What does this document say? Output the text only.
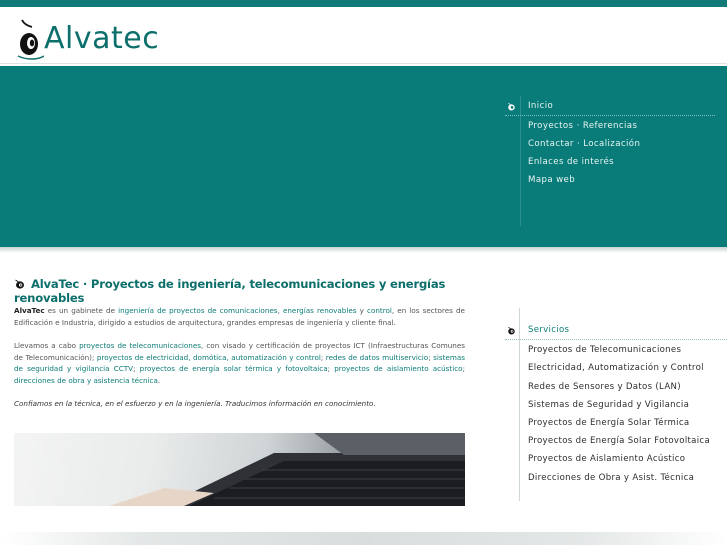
Alvatec
Inicio
Proyectos · Referencias
Contactar · Localización
Enlaces de interés
Mapa web
AlvaTec · Proyectos de ingeniería, telecomunicaciones y energías renovables

AlvaTec es un gabinete de ingeniería de proyectos de comunicaciones, energías renovables y control, en los sectores de Edificación e Industria, dirigido a estudios de arquitectura, grandes empresas de ingeniería y cliente final.

Llevamos a cabo proyectos de telecomunicaciones, con visado y certificación de proyectos ICT (Infraestructuras Comunes de Telecomunicación); proyectos de electricidad, domótica, automatización y control; redes de datos multiservicio; sistemas de seguridad y vigilancia CCTV; proyectos de energía solar térmica y fotovoltaica; proyectos de aislamiento acústico; direcciones de obra y asistencia técnica.

Confiamos en la técnica, en el esfuerzo y en la ingeniería. Traducimos información en conocimiento.

Servicios
Proyectos de Telecomunicaciones
Electricidad, Automatización y Control
Redes de Sensores y Datos (LAN)
Sistemas de Seguridad y Vigilancia
Proyectos de Energía Solar Térmica
Proyectos de Energía Solar Fotovoltaica
Proyectos de Aislamiento Acústico
Direcciones de Obra y Asist. Técnica
